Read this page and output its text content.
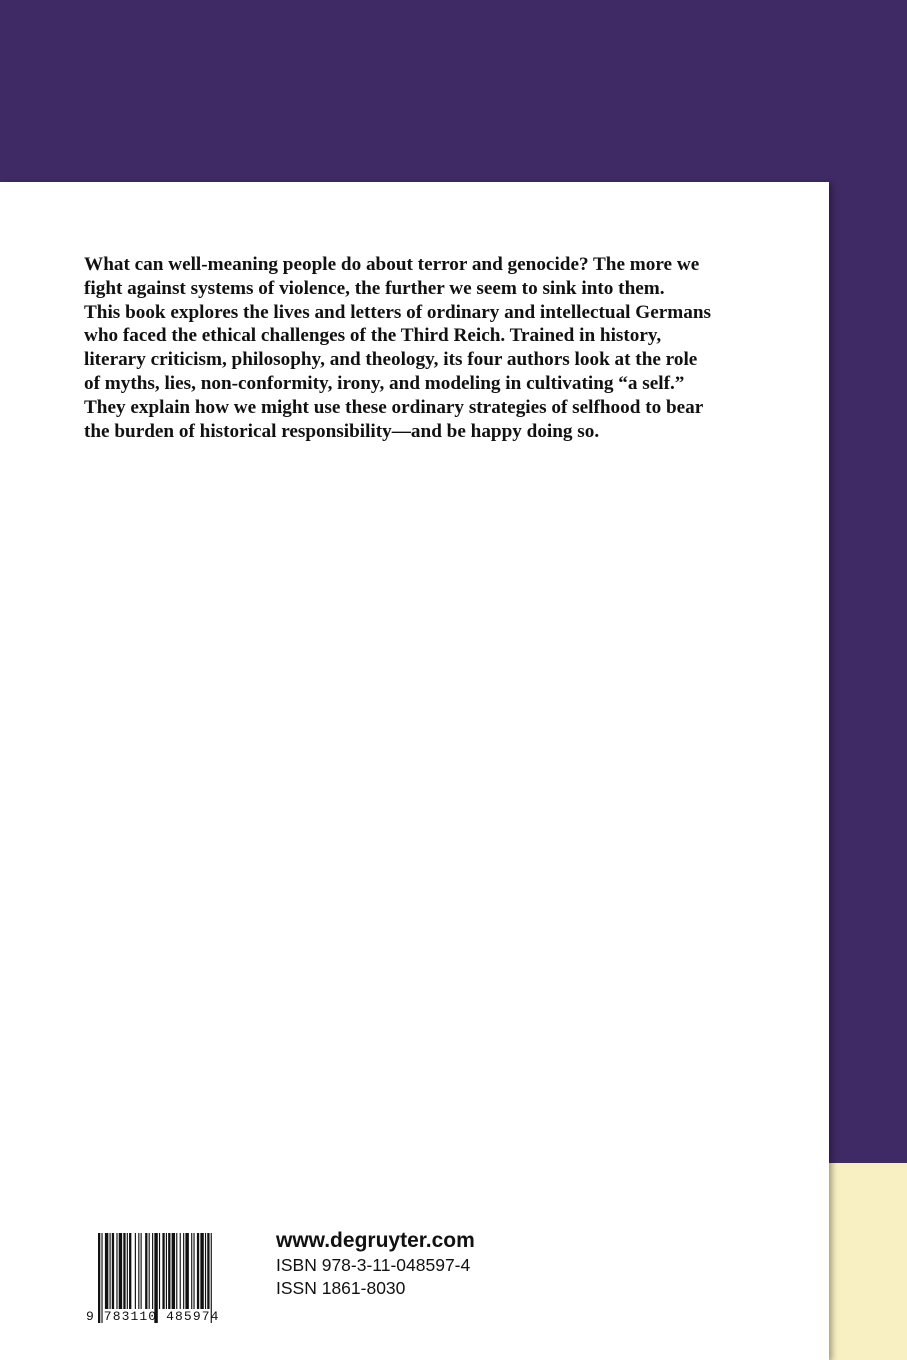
What can well-meaning people do about terror and genocide? The more we
fight against systems of violence, the further we seem to sink into them.
This book explores the lives and letters of ordinary and intellectual Germans
who faced the ethical challenges of the Third Reich. Trained in history,
literary criticism, philosophy, and theology, its four authors look at the role
of myths, lies, non-conformity, irony, and modeling in cultivating “a self.”
They explain how we might use these ordinary strategies of selfhood to bear
the burden of historical responsibility—and be happy doing so.
9 783110 485974
www.degruyter.com
ISBN 978-3-11-048597-4
ISSN 1861-8030
